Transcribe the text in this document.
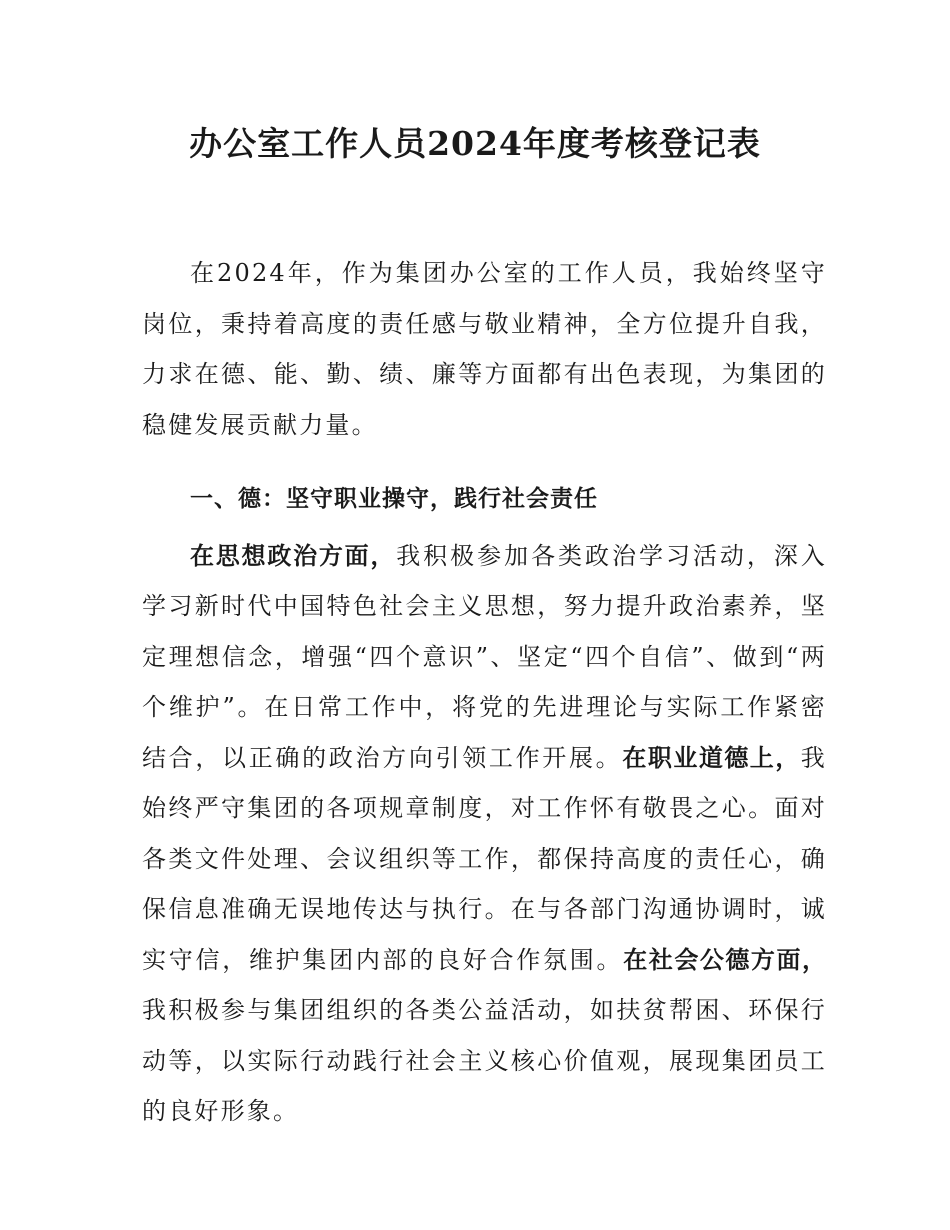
办公室工作人员2024年度考核登记表

在2024年，作为集团办公室的工作人员，我始终坚守岗位，秉持着高度的责任感与敬业精神，全方位提升自我，力求在德、能、勤、绩、廉等方面都有出色表现，为集团的稳健发展贡献力量。

一、德：坚守职业操守，践行社会责任

在思想政治方面，我积极参加各类政治学习活动，深入学习新时代中国特色社会主义思想，努力提升政治素养，坚定理想信念，增强“四个意识”、坚定“四个自信”、做到“两个维护”。在日常工作中，将党的先进理论与实际工作紧密结合，以正确的政治方向引领工作开展。在职业道德上，我始终严守集团的各项规章制度，对工作怀有敬畏之心。面对各类文件处理、会议组织等工作，都保持高度的责任心，确保信息准确无误地传达与执行。在与各部门沟通协调时，诚实守信，维护集团内部的良好合作氛围。在社会公德方面，我积极参与集团组织的各类公益活动，如扶贫帮困、环保行动等，以实际行动践行社会主义核心价值观，展现集团员工的良好形象。
